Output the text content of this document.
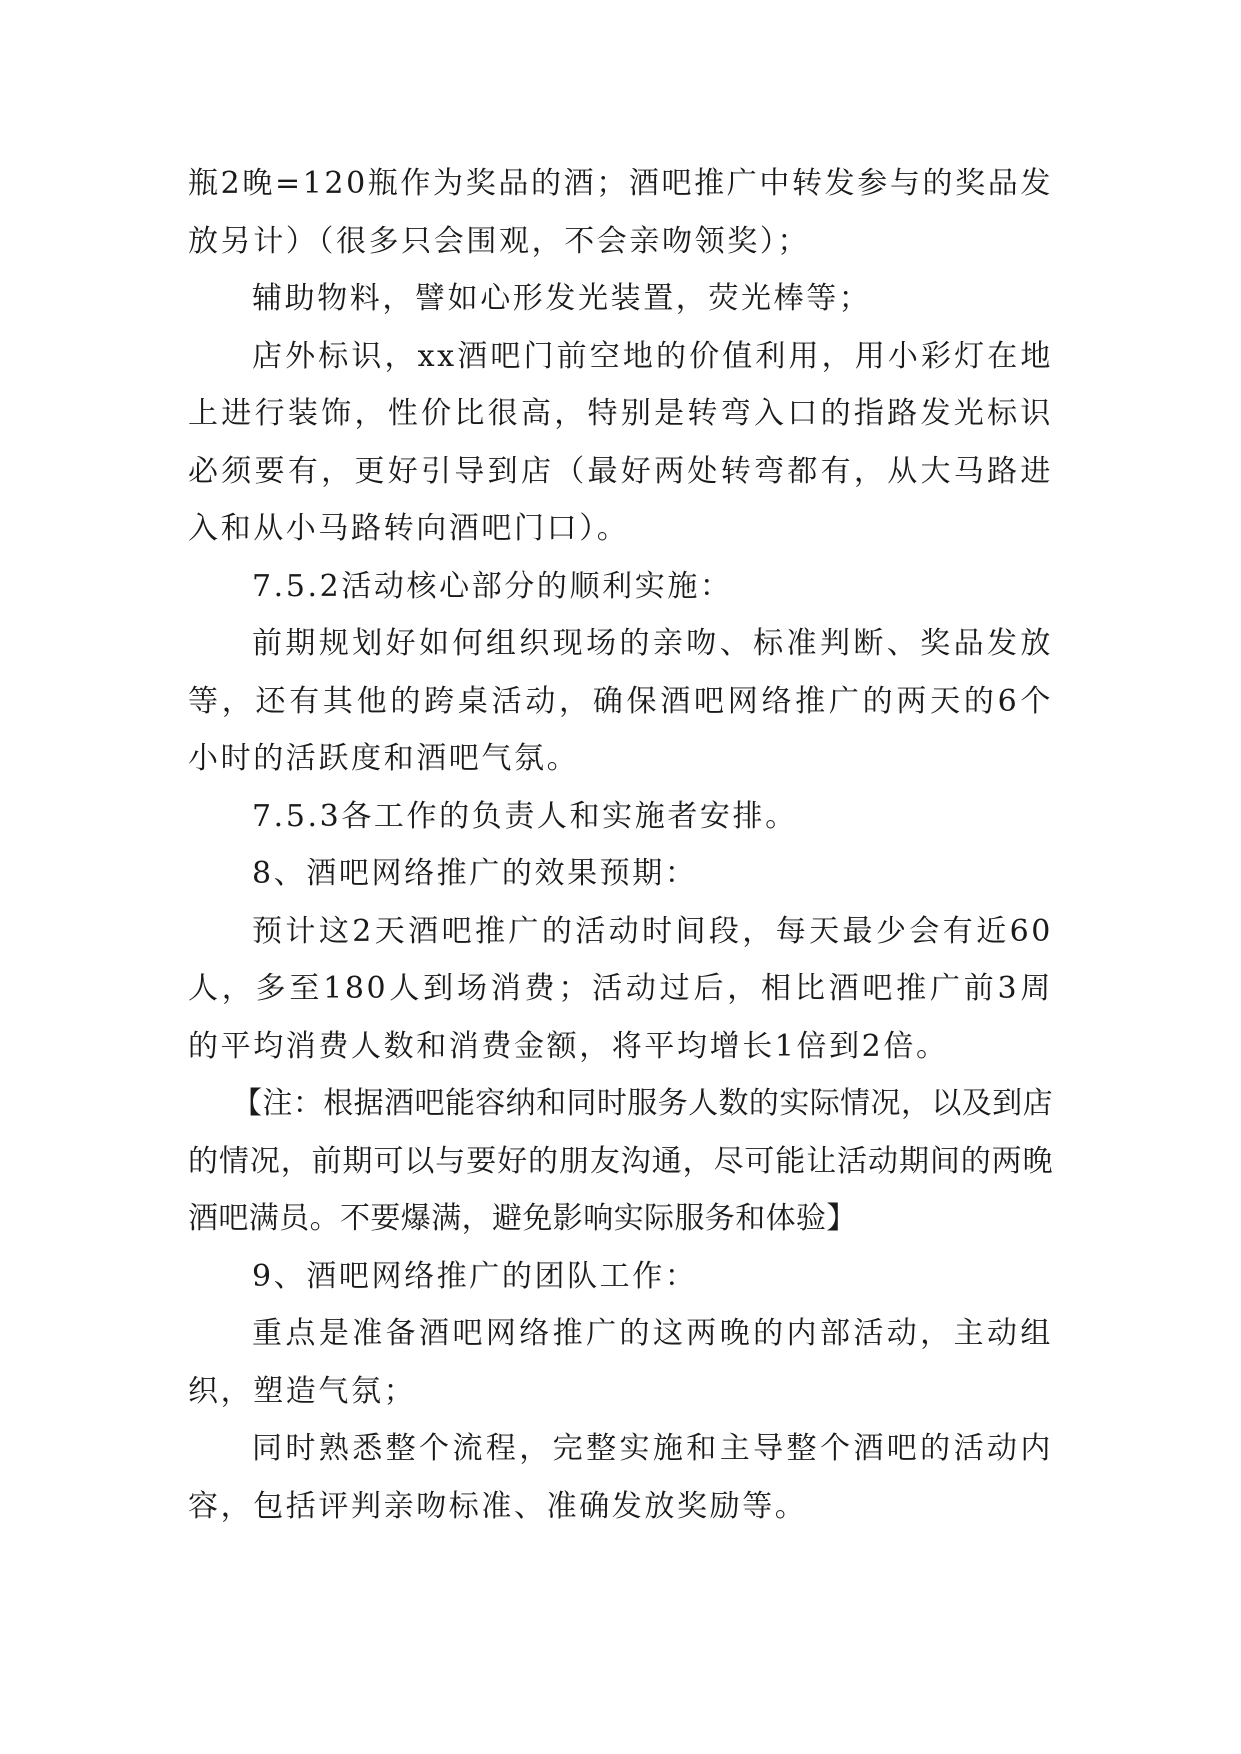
瓶2晚=120瓶作为奖品的酒；酒吧推广中转发参与的奖品发放另计）（很多只会围观，不会亲吻领奖）；

辅助物料，譬如心形发光装置，荧光棒等；

店外标识，xx酒吧门前空地的价值利用，用小彩灯在地上进行装饰，性价比很高，特别是转弯入口的指路发光标识必须要有，更好引导到店（最好两处转弯都有，从大马路进入和从小马路转向酒吧门口）。

7.5.2活动核心部分的顺利实施：

前期规划好如何组织现场的亲吻、标准判断、奖品发放等，还有其他的跨桌活动，确保酒吧网络推广的两天的6个小时的活跃度和酒吧气氛。

7.5.3各工作的负责人和实施者安排。

8、酒吧网络推广的效果预期：

预计这2天酒吧推广的活动时间段，每天最少会有近60人，多至180人到场消费；活动过后，相比酒吧推广前3周的平均消费人数和消费金额，将平均增长1倍到2倍。

【注：根据酒吧能容纳和同时服务人数的实际情况，以及到店的情况，前期可以与要好的朋友沟通，尽可能让活动期间的两晚酒吧满员。不要爆满，避免影响实际服务和体验】

9、酒吧网络推广的团队工作：

重点是准备酒吧网络推广的这两晚的内部活动，主动组织，塑造气氛；

同时熟悉整个流程，完整实施和主导整个酒吧的活动内容，包括评判亲吻标准、准确发放奖励等。
